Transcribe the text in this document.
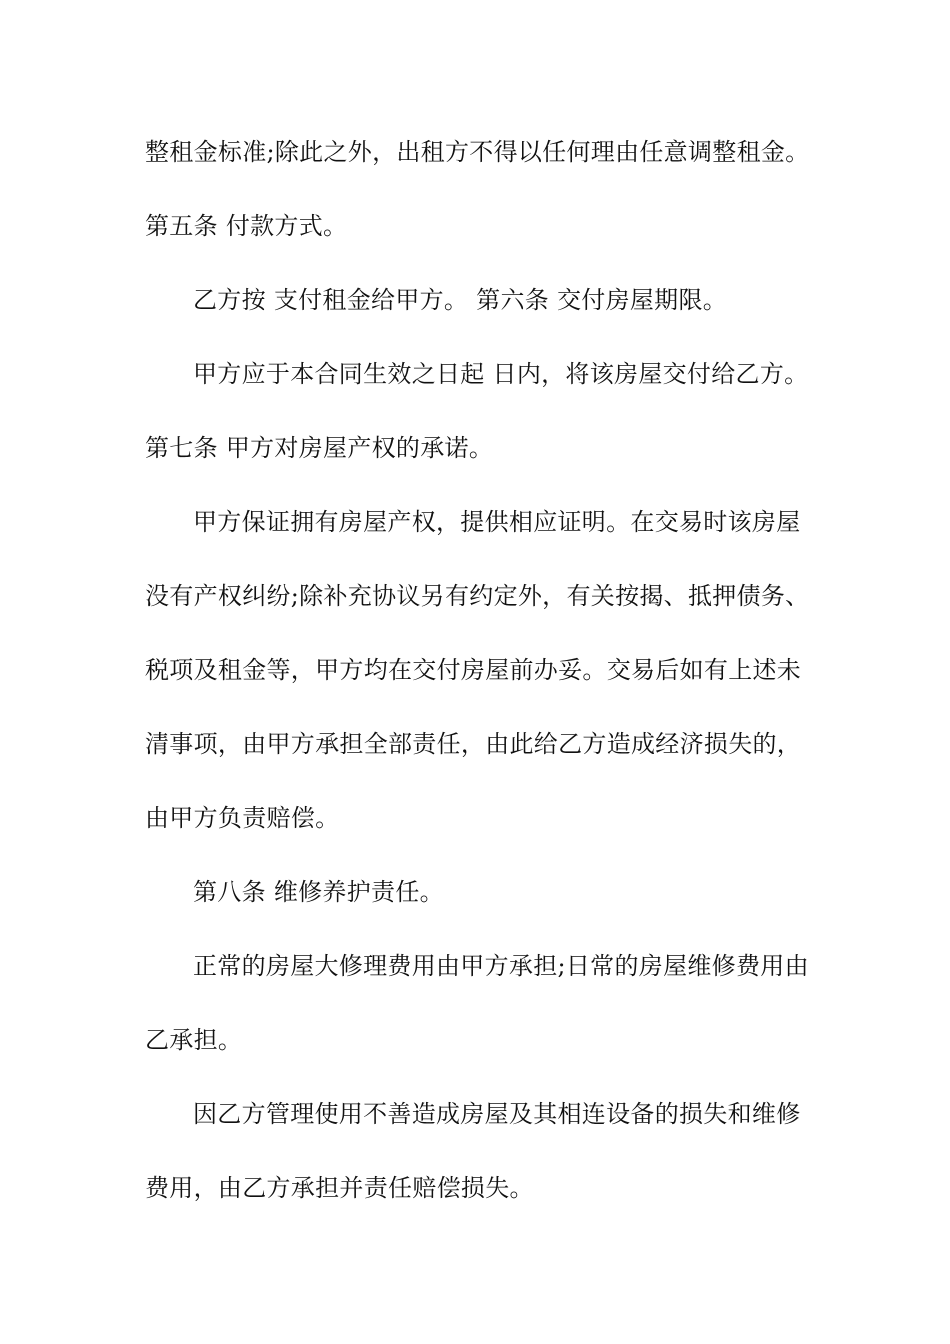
整租金标准;除此之外，出租方不得以任何理由任意调整租金。
第五条 付款方式。
乙方按 支付租金给甲方。 第六条 交付房屋期限。
甲方应于本合同生效之日起 日内，将该房屋交付给乙方。
第七条 甲方对房屋产权的承诺。
甲方保证拥有房屋产权，提供相应证明。在交易时该房屋
没有产权纠纷;除补充协议另有约定外，有关按揭、抵押债务、
税项及租金等，甲方均在交付房屋前办妥。交易后如有上述未
清事项，由甲方承担全部责任，由此给乙方造成经济损失的，
由甲方负责赔偿。
第八条 维修养护责任。
正常的房屋大修理费用由甲方承担;日常的房屋维修费用由
乙承担。
因乙方管理使用不善造成房屋及其相连设备的损失和维修
费用，由乙方承担并责任赔偿损失。
